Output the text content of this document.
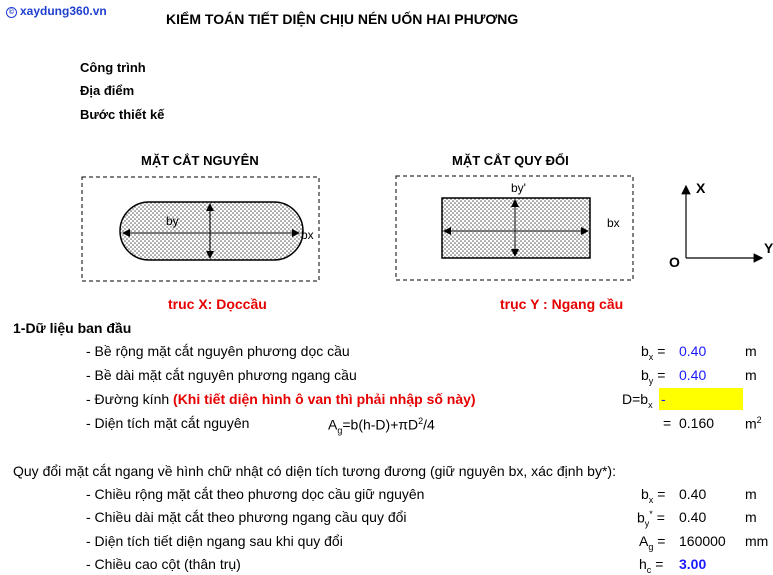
© xaydung360.vn	KIỂM TOÁN TIẾT DIỆN CHỊU NÉN UỐN HAI PHƯƠNG
Công trình
Địa điểm
Bước thiết kế
MẶT CẮT NGUYÊN	MẶT CẮT QUY ĐỔI
by
bx
by'
bx
X
Y
O
truc X: Dọccầu	trục Y : Ngang cầu
1-Dữ liệu ban đầu
- Bề rộng mặt cắt nguyên phương dọc cầu	$b_x = 0.40$	m
- Bề dài mặt cắt nguyên phương ngang cầu	$b_y = 0.40$	m
- Đường kính (Khi tiết diện hình ô van thì phải nhập số này)	$D=b_x$ -
- Diện tích mặt cắt nguyên	$A_g=b(h-D)+\pi D^2/4$	= 0.160 $m^2$
Quy đổi mặt cắt ngang về hình chữ nhật có diện tích tương đương (giữ nguyên bx, xác định by*):
- Chiều rộng mặt cắt theo phương dọc cầu giữ nguyên	$b_x = 0.40$	m
- Chiều dài mặt cắt theo phương ngang cầu quy đổi	$b_y^* = 0.40$	m
- Diện tích tiết diện ngang sau khi quy đổi	$A_g = 160000$ mm
- Chiều cao cột (thân trụ)	$h_c = 3.00$
